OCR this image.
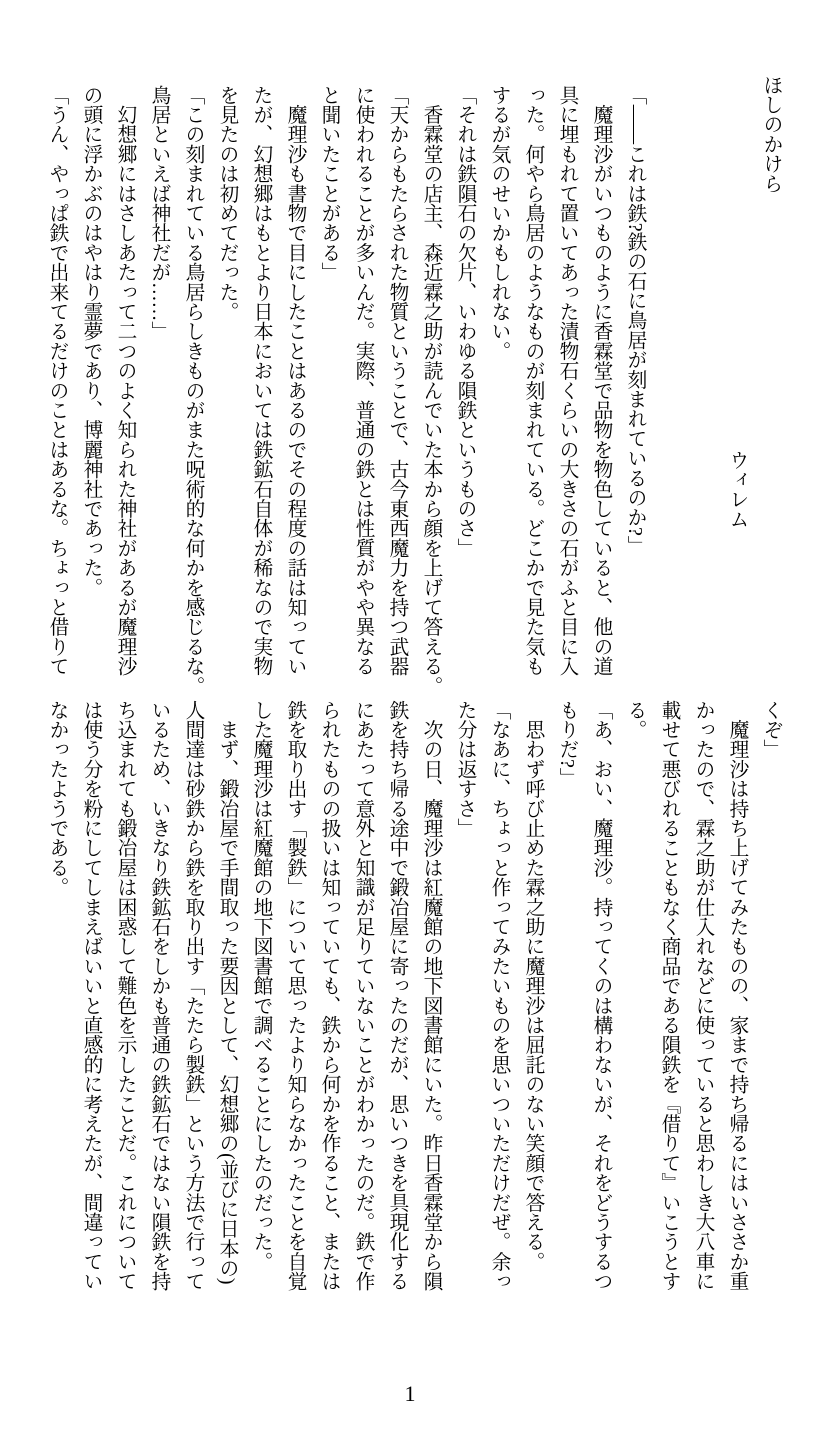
ほしのかけら
ウィレム
「――これは鉄?鉄の石に鳥居が刻まれているのか?」
　魔理沙がいつものように香霖堂で品物を物色していると、他の道
具に埋もれて置いてあった漬物石くらいの大きさの石がふと目に入
った。何やら鳥居のようなものが刻まれている。どこかで見た気も
するが気のせいかもしれない。
「それは鉄隕石の欠片、いわゆる隕鉄というものさ」
　香霖堂の店主、森近霖之助が読んでいた本から顔を上げて答える。
「天からもたらされた物質ということで、古今東西魔力を持つ武器
に使われることが多いんだ。実際、普通の鉄とは性質がやや異なる
と聞いたことがある」
　魔理沙も書物で目にしたことはあるのでその程度の話は知ってい
たが、幻想郷はもとより日本においては鉄鉱石自体が稀なので実物
を見たのは初めてだった。
「この刻まれている鳥居らしきものがまた呪術的な何かを感じるな。
鳥居といえば神社だが……」
　幻想郷にはさしあたって二つのよく知られた神社があるが魔理沙
の頭に浮かぶのはやはり霊夢であり、博麗神社であった。
「うん、やっぱ鉄で出来てるだけのことはあるな。ちょっと借りて
くぞ」
　魔理沙は持ち上げてみたものの、家まで持ち帰るにはいささか重
かったので、霖之助が仕入れなどに使っていると思わしき大八車に
載せて悪びれることもなく商品である隕鉄を『借りて』いこうとす
る。
「あ、おい、魔理沙。持ってくのは構わないが、それをどうするつ
もりだ?」
　思わず呼び止めた霖之助に魔理沙は屈託のない笑顔で答える。
「なあに、ちょっと作ってみたいものを思いついただけだぜ。余っ
た分は返すさ」
　次の日、魔理沙は紅魔館の地下図書館にいた。昨日香霖堂から隕
鉄を持ち帰る途中で鍛冶屋に寄ったのだが、思いつきを具現化する
にあたって意外と知識が足りていないことがわかったのだ。鉄で作
られたものの扱いは知っていても、鉄から何かを作ること、または
鉄を取り出す「製鉄」について思ったより知らなかったことを自覚
した魔理沙は紅魔館の地下図書館で調べることにしたのだった。
　まず、鍛冶屋で手間取った要因として、幻想郷の(並びに日本の)
人間達は砂鉄から鉄を取り出す「たたら製鉄」という方法で行って
いるため、いきなり鉄鉱石をしかも普通の鉄鉱石ではない隕鉄を持
ち込まれても鍛冶屋は困惑して難色を示したことだ。これについて
は使う分を粉にしてしまえばいいと直感的に考えたが、間違ってい
なかったようである。
1
